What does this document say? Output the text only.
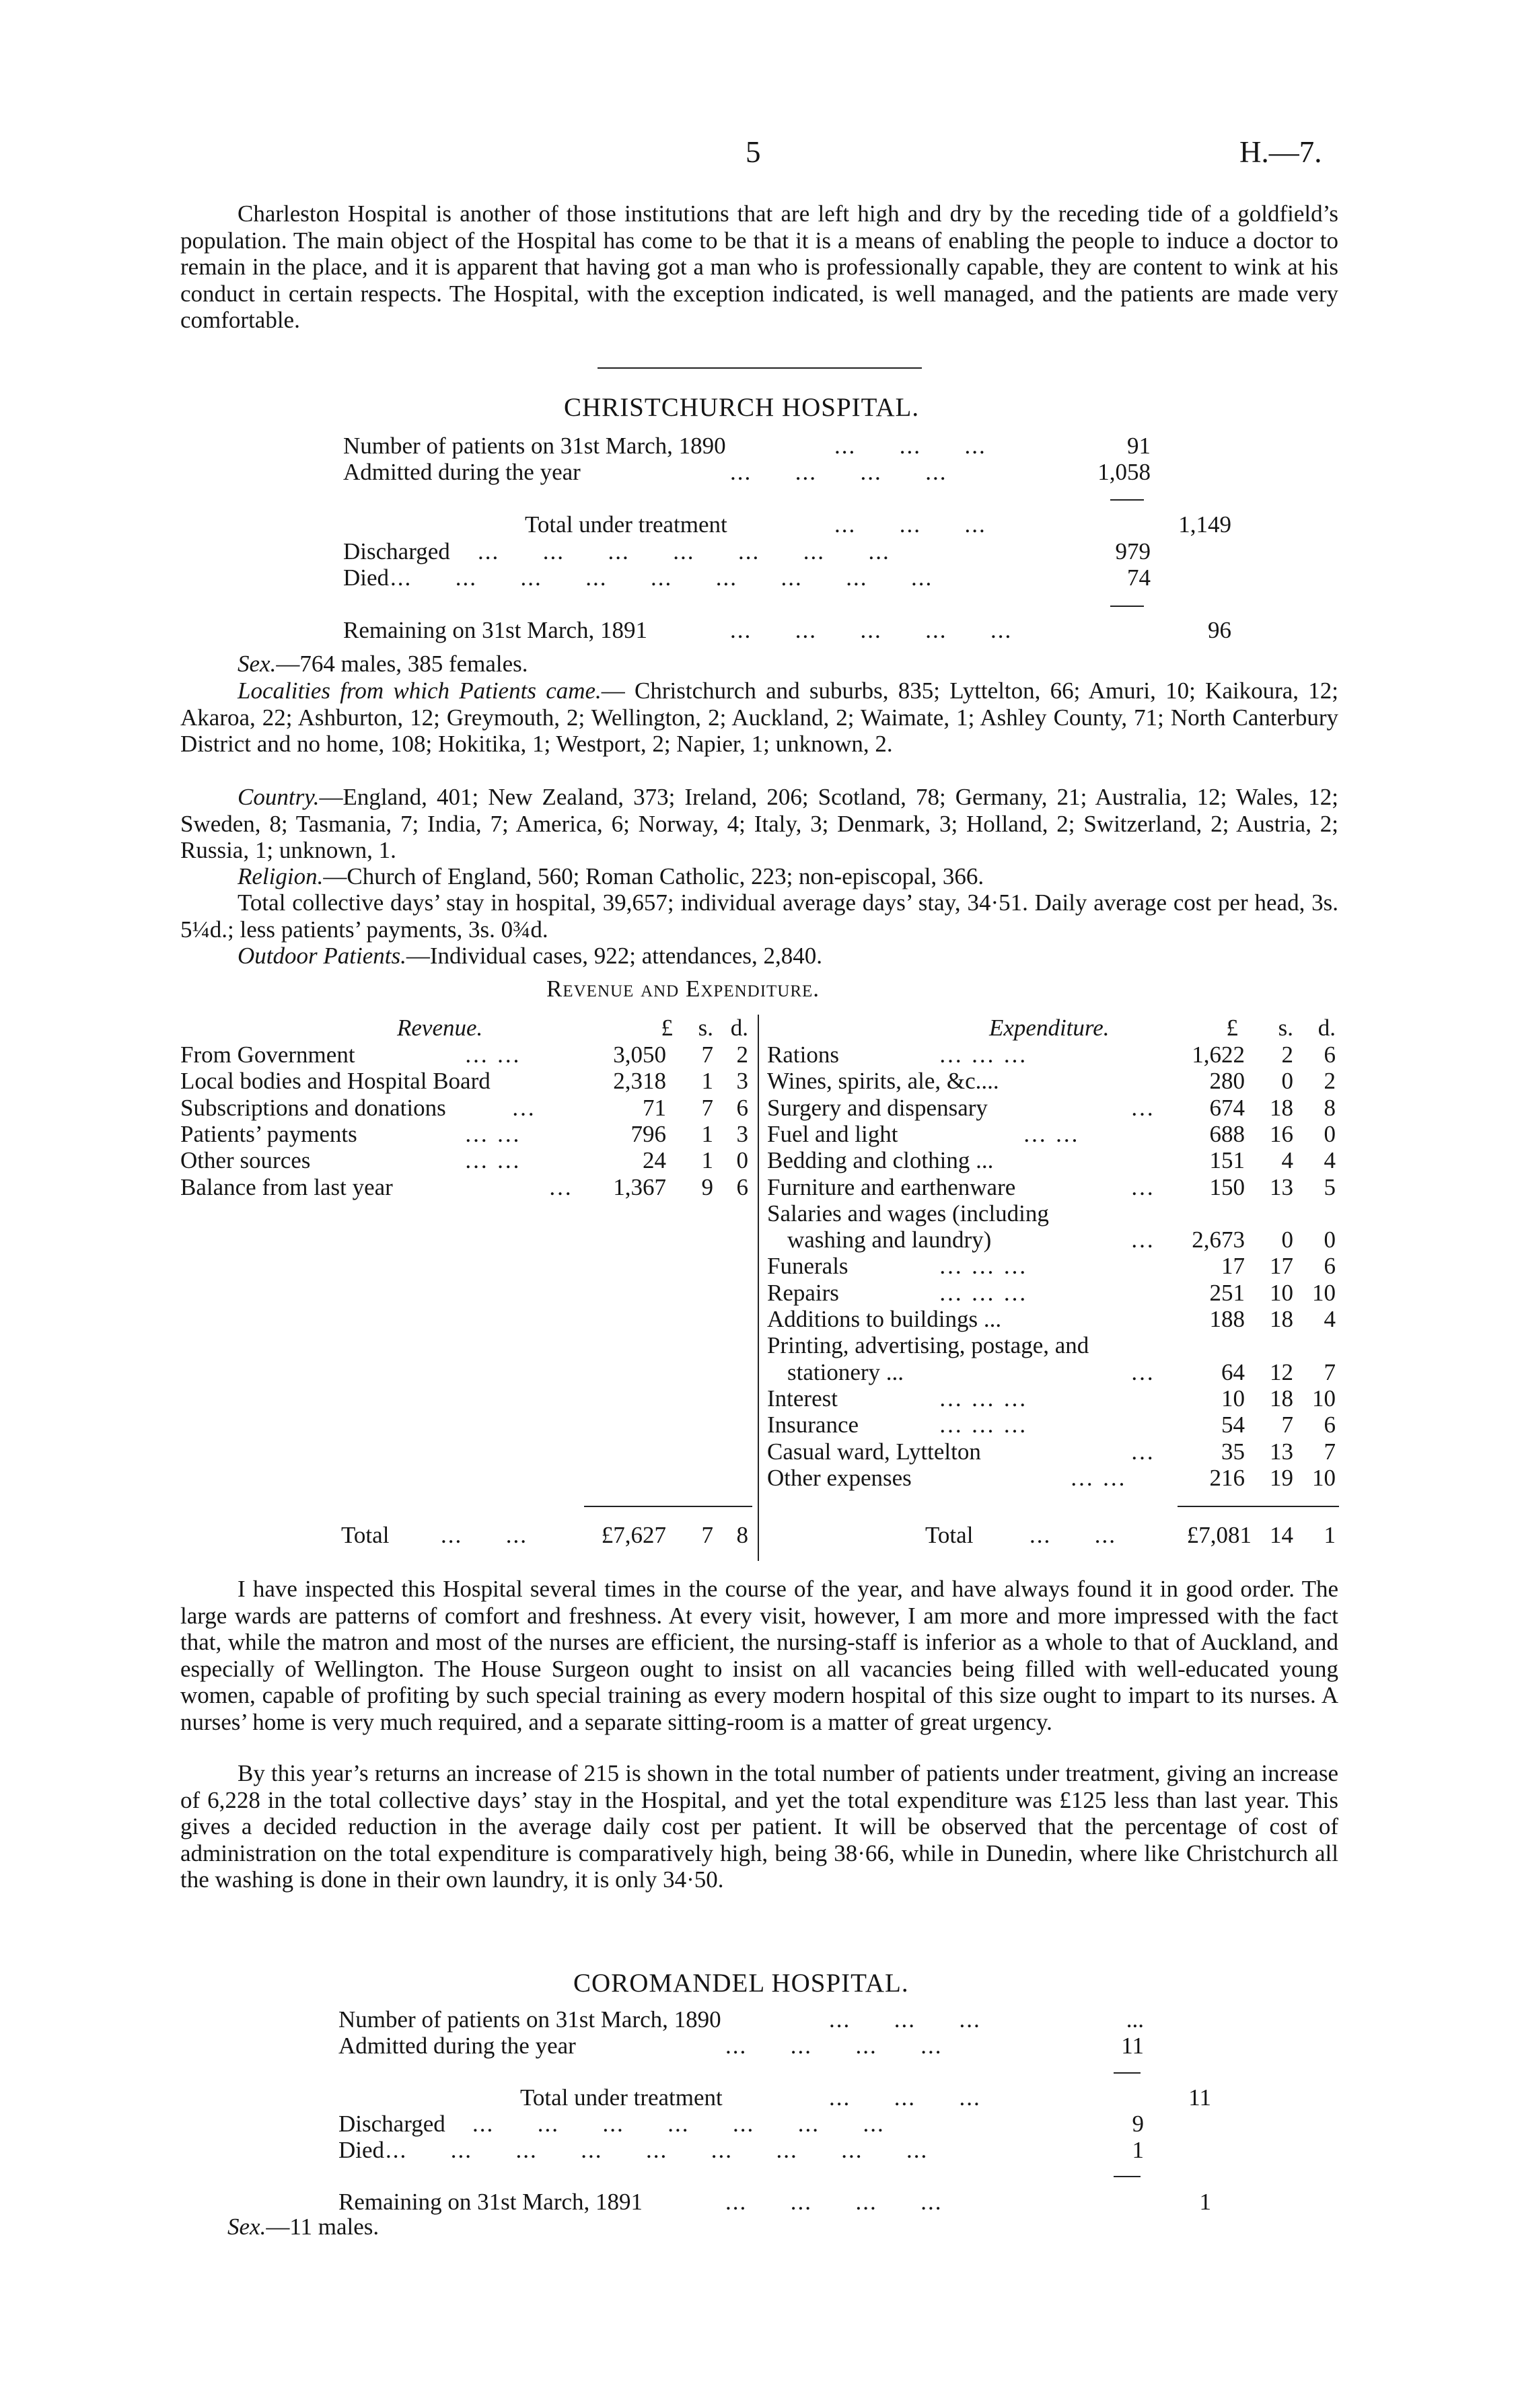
5	H.—7.
Charleston Hospital is another of those institutions that are left high and dry by the receding tide of a goldfield’s population. The main object of the Hospital has come to be that it is a means of enabling the people to induce a doctor to remain in the place, and it is apparent that having got a man who is professionally capable, they are content to wink at his conduct in certain respects. The Hospital, with the exception indicated, is well managed, and the patients are made very comfortable.
CHRISTCHURCH HOSPITAL.
Number of patients on 31st March, 1890	...      ...      ...	91
Admitted during the year	...      ...      ...      ...	1,058
Total under treatment	...      ...      ...	1,149
Discharged ...      ...      ...      ...      ...      ...      ...	979
Died ...      ...      ...      ...      ...      ...      ...      ...      ...	74
Remaining on 31st March, 1891	...      ...      ...      ...      ...	96
Sex.—764 males, 385 females.
Localities from which Patients came.— Christchurch and suburbs, 835; Lyttelton, 66; Amuri, 10; Kaikoura, 12; Akaroa, 22; Ashburton, 12; Greymouth, 2; Wellington, 2; Auckland, 2; Waimate, 1; Ashley County, 71; North Canterbury District and no home, 108; Hokitika, 1; Westport, 2; Napier, 1; unknown, 2.
Country.—England, 401; New Zealand, 373; Ireland, 206; Scotland, 78; Germany, 21; Australia, 12; Wales, 12; Sweden, 8; Tasmania, 7; India, 7; America, 6; Norway, 4; Italy, 3; Denmark, 3; Holland, 2; Switzerland, 2; Austria, 2; Russia, 1; unknown, 1.
Religion.—Church of England, 560; Roman Catholic, 223; non-episcopal, 366.
Total collective days’ stay in hospital, 39,657; individual average days’ stay, 34·51. Daily average cost per head, 3s. 5¼d.; less patients’ payments, 3s. 0¾d.
Outdoor Patients.—Individual cases, 922; attendances, 2,840.
Revenue and Expenditure.
Revenue.	£	s. d.
From Government	… …	3,050	7 2
Local bodies and Hospital Board	2,318	1 3
Subscriptions and donations	…	71	7 6
Patients’ payments	… …	796	1 3
Other sources	… …	24	1 0
Balance from last year	…	1,367	9 6
Total ...      ...	£7,627	7 8
Expenditure.	£	s.	d.
Rations	… … …	1,622	2	6
Wines, spirits, ale, &c....	280	0	2
Surgery and dispensary	…	674	18	8
Fuel and light	… …	688	16	0
Bedding and clothing ...	151	4	4
Furniture and earthenware	…	150	13	5
Salaries and wages (including
washing and laundry)	…	2,673	0	0
Funerals	… … …	17	17	6
Repairs	… … …	251	10 10
Additions to buildings ...	188	18	4
Printing, advertising, postage, and
stationery ...	…	64	12	7
Interest	… … …	10	18 10
Insurance	… … …	54	7	6
Casual ward, Lyttelton	…	35	13	7
Other expenses	… …	216	19 10
Total ...      ...	£7,081 14	1
I have inspected this Hospital several times in the course of the year, and have always found it in good order. The large wards are patterns of comfort and freshness. At every visit, however, I am more and more impressed with the fact that, while the matron and most of the nurses are efficient, the nursing-staff is inferior as a whole to that of Auckland, and especially of Wellington. The House Surgeon ought to insist on all vacancies being filled with well-educated young women, capable of profiting by such special training as every modern hospital of this size ought to impart to its nurses. A nurses’ home is very much required, and a separate sitting-room is a matter of great urgency.
By this year’s returns an increase of 215 is shown in the total number of patients under treatment, giving an increase of 6,228 in the total collective days’ stay in the Hospital, and yet the total expenditure was £125 less than last year. This gives a decided reduction in the average daily cost per patient. It will be observed that the percentage of cost of administration on the total expenditure is comparatively high, being 38·66, while in Dunedin, where like Christchurch all the washing is done in their own laundry, it is only 34·50.
COROMANDEL HOSPITAL.
Number of patients on 31st March, 1890	...      ...      ...	...
Admitted during the year	...      ...      ...      ...	11
Total under treatment	...      ...      ...	11
Discharged ...      ...      ...      ...      ...      ...      ...	9
Died ...      ...      ...      ...      ...      ...      ...      ...      ...	1
Remaining on 31st March, 1891	...      ...      ...      ...	1
Sex.—11 males.
